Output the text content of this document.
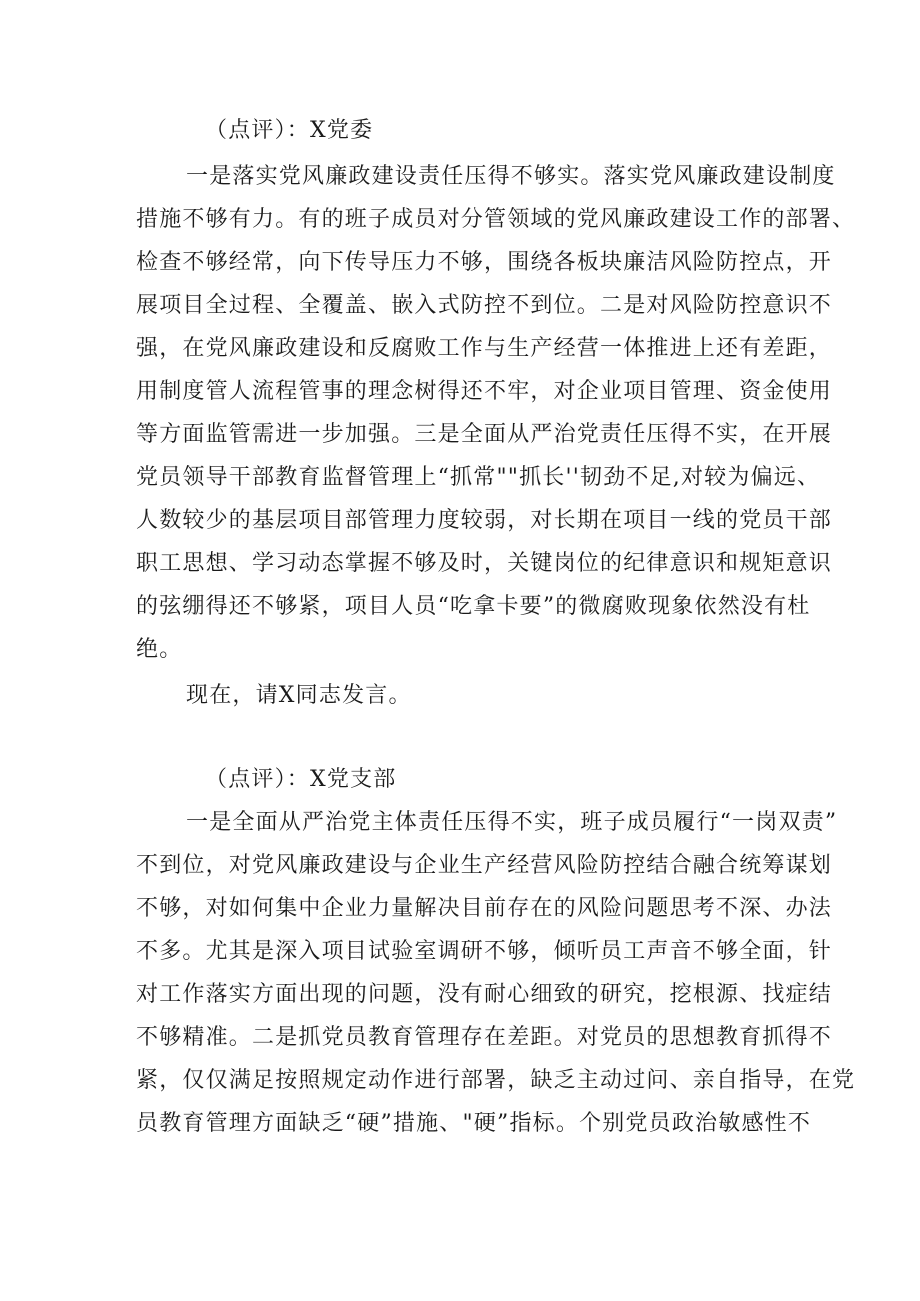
（点评）：X党委
一是落实党风廉政建设责任压得不够实。落实党风廉政建设制度
措施不够有力。有的班子成员对分管领域的党风廉政建设工作的部署、
检查不够经常，向下传导压力不够，围绕各板块廉洁风险防控点，开
展项目全过程、全覆盖、嵌入式防控不到位。二是对风险防控意识不
强，在党风廉政建设和反腐败工作与生产经营一体推进上还有差距，
用制度管人流程管事的理念树得还不牢，对企业项目管理、资金使用
等方面监管需进一步加强。三是全面从严治党责任压得不实，在开展
党员领导干部教育监督管理上“抓常""抓长''韧劲不足,对较为偏远、
人数较少的基层项目部管理力度较弱，对长期在项目一线的党员干部
职工思想、学习动态掌握不够及时，关键岗位的纪律意识和规矩意识
的弦绷得还不够紧，项目人员“吃拿卡要”的微腐败现象依然没有杜
绝。
现在，请X同志发言。
（点评）：X党支部
一是全面从严治党主体责任压得不实，班子成员履行“一岗双责”
不到位，对党风廉政建设与企业生产经营风险防控结合融合统筹谋划
不够，对如何集中企业力量解决目前存在的风险问题思考不深、办法
不多。尤其是深入项目试验室调研不够，倾听员工声音不够全面，针
对工作落实方面出现的问题，没有耐心细致的研究，挖根源、找症结
不够精准。二是抓党员教育管理存在差距。对党员的思想教育抓得不
紧，仅仅满足按照规定动作进行部署，缺乏主动过问、亲自指导，在党
员教育管理方面缺乏“硬”措施、"硬”指标。个别党员政治敏感性不
